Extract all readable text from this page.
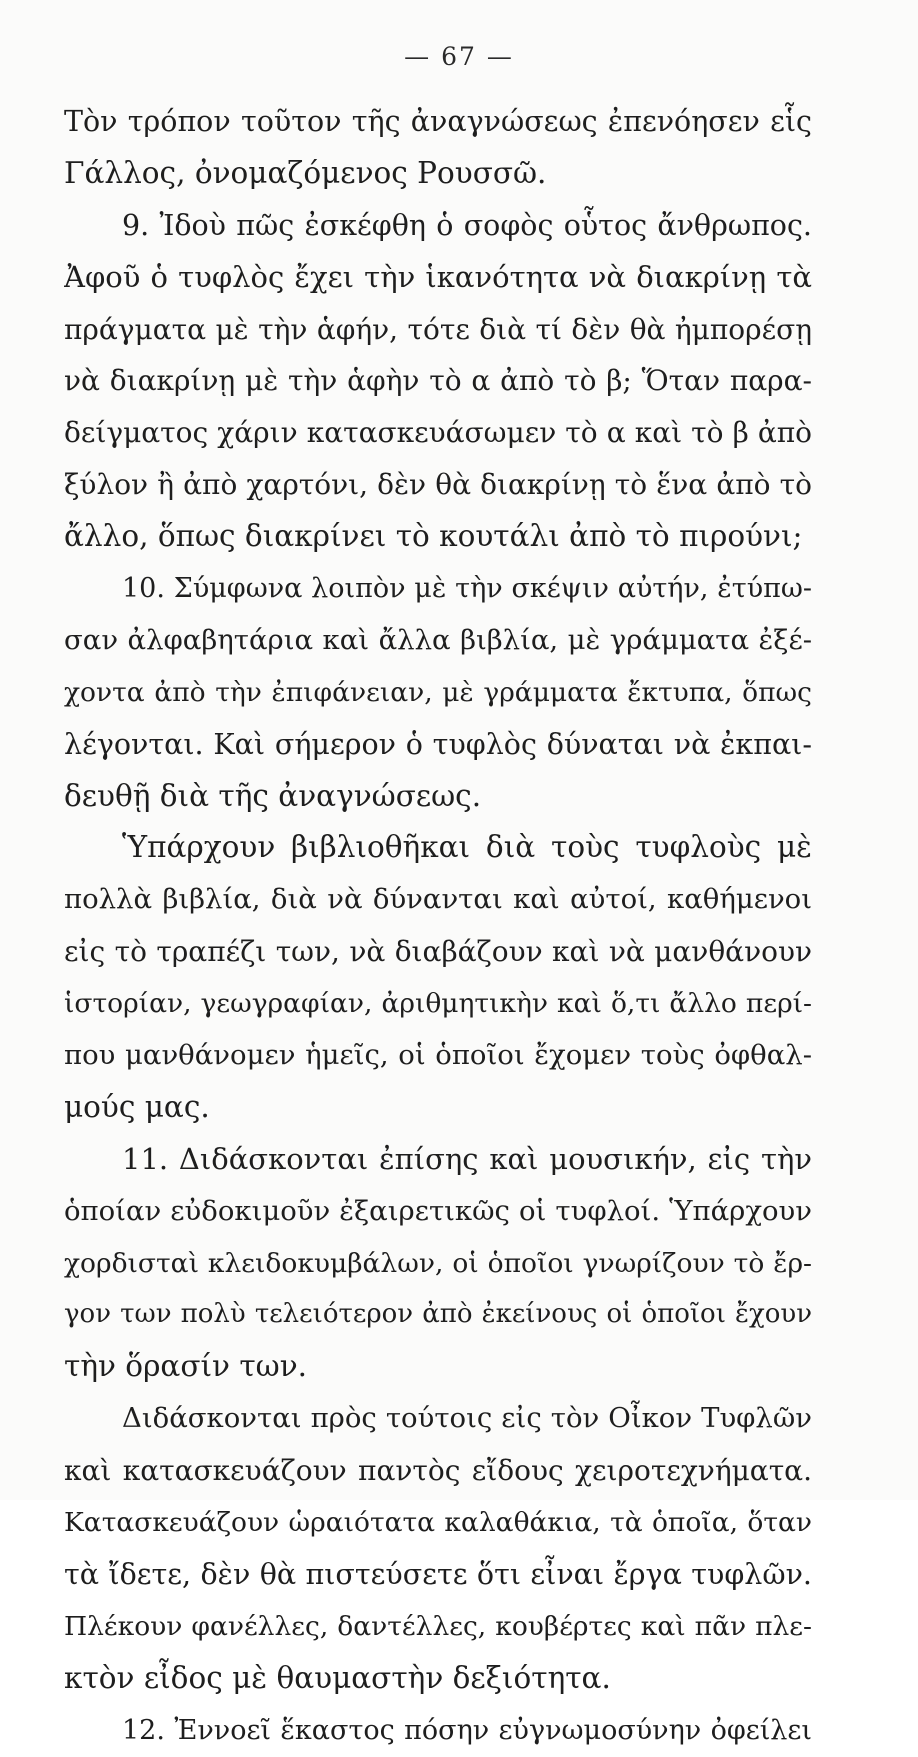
— 67 —
Τὸν τρόπον τοῦτον τῆς ἀναγνώσεως ἐπενόησεν εἷς
Γάλλος, ὀνομαζόμενος Ρουσσῶ.
9. Ἰδοὺ πῶς ἐσκέφθη ὁ σοφὸς οὗτος ἄνθρωπος.
Ἀφοῦ ὁ τυφλὸς ἔχει τὴν ἱκανότητα νὰ διακρίνῃ τὰ
πράγματα μὲ τὴν ἁφήν, τότε διὰ τί δὲν θὰ ἠμπορέσῃ
νὰ διακρίνῃ μὲ τὴν ἁφὴν τὸ α ἀπὸ τὸ β; Ὅταν παρα-
δείγματος χάριν κατασκευάσωμεν τὸ α καὶ τὸ β ἀπὸ
ξύλον ἢ ἀπὸ χαρτόνι, δὲν θὰ διακρίνῃ τὸ ἕνα ἀπὸ τὸ
ἄλλο, ὅπως διακρίνει τὸ κουτάλι ἀπὸ τὸ πιρούνι;
10. Σύμφωνα λοιπὸν μὲ τὴν σκέψιν αὐτήν, ἐτύπω-
σαν ἀλφαβητάρια καὶ ἄλλα βιβλία, μὲ γράμματα ἐξέ-
χοντα ἀπὸ τὴν ἐπιφάνειαν, μὲ γράμματα ἔκτυπα, ὅπως
λέγονται. Καὶ σήμερον ὁ τυφλὸς δύναται νὰ ἐκπαι-
δευθῇ διὰ τῆς ἀναγνώσεως.
Ὑπάρχουν βιβλιοθῆκαι διὰ τοὺς τυφλοὺς μὲ
πολλὰ βιβλία, διὰ νὰ δύνανται καὶ αὐτοί, καθήμενοι
εἰς τὸ τραπέζι των, νὰ διαβάζουν καὶ νὰ μανθάνουν
ἱστορίαν, γεωγραφίαν, ἀριθμητικὴν καὶ ὅ,τι ἄλλο περί-
που μανθάνομεν ἡμεῖς, οἱ ὁποῖοι ἔχομεν τοὺς ὀφθαλ-
μούς μας.
11. Διδάσκονται ἐπίσης καὶ μουσικήν, εἰς τὴν
ὁποίαν εὐδοκιμοῦν ἐξαιρετικῶς οἱ τυφλοί. Ὑπάρχουν
χορδισταὶ κλειδοκυμβάλων, οἱ ὁποῖοι γνωρίζουν τὸ ἔρ-
γον των πολὺ τελειότερον ἀπὸ ἐκείνους οἱ ὁποῖοι ἔχουν
τὴν ὅρασίν των.
Διδάσκονται πρὸς τούτοις εἰς τὸν Οἶκον Τυφλῶν
καὶ κατασκευάζουν παντὸς εἴδους χειροτεχνήματα.
Κατασκευάζουν ὡραιότατα καλαθάκια, τὰ ὁποῖα, ὅταν
τὰ ἴδετε, δὲν θὰ πιστεύσετε ὅτι εἶναι ἔργα τυφλῶν.
Πλέκουν φανέλλες, δαντέλλες, κουβέρτες καὶ πᾶν πλε-
κτὸν εἶδος μὲ θαυμαστὴν δεξιότητα.
12. Ἐννοεῖ ἕκαστος πόσην εὐγνωμοσύνην ὀφείλει
